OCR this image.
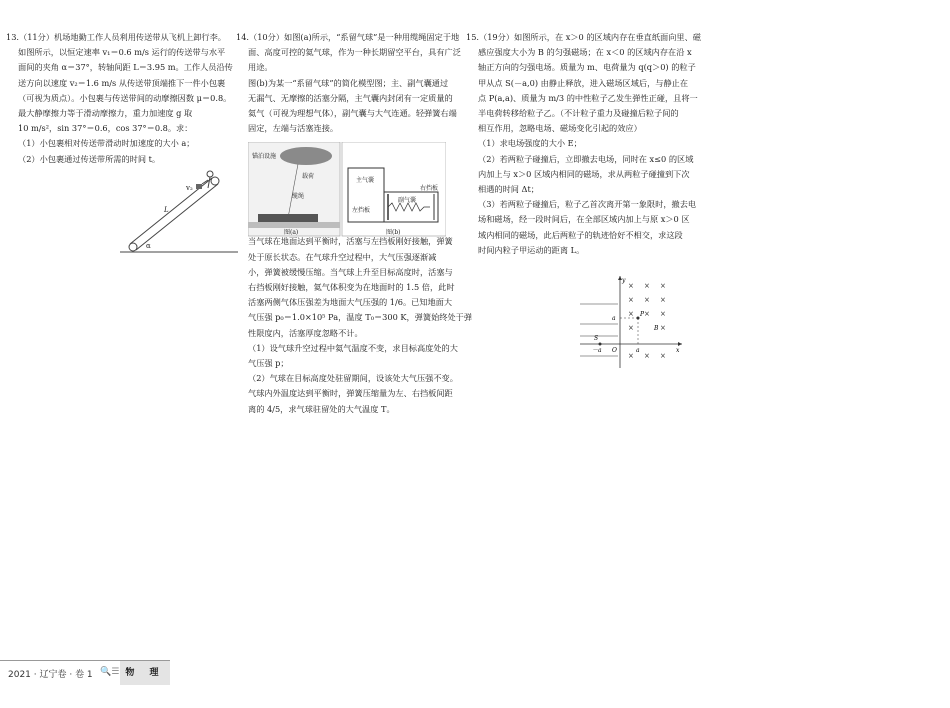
13.（11分）机场地勤工作人员利用传送带从飞机上卸行李。

如图所示，以恒定速率 v₁＝0.6 m/s 运行的传送带与水平

面间的夹角 α＝37°，转轴间距 L＝3.95 m。工作人员沿传

送方向以速度 v₂＝1.6 m/s 从传送带顶端推下一件小包裹

（可视为质点）。小包裹与传送带间的动摩擦因数 μ＝0.8。

最大静摩擦力等于滑动摩擦力，重力加速度 g 取

10 m/s²，sin 37°＝0.6，cos 37°＝0.8。求：

（1）小包裹相对传送带滑动时加速度的大小 a；

（2）小包裹通过传送带所需的时间 t。

v₂
L
α

14.（10分）如图(a)所示，“系留气球”是一种用缆绳固定于地

面、高度可控的氦气球，作为一种长期留空平台，具有广泛

用途。

图(b)为某一“系留气球”的简化模型图；主、副气囊通过

无漏气、无摩擦的活塞分隔，主气囊内封闭有一定质量的

氦气（可视为理想气体），副气囊与大气连通。轻弹簧右端

固定，左端与活塞连接。

当气球在地面达到平衡时，活塞与左挡板刚好接触，弹簧

处于原长状态。在气球升空过程中，大气压强逐渐减

小，弹簧被缓慢压缩。当气球上升至目标高度时，活塞与

右挡板刚好接触，氦气体积变为在地面时的 1.5 倍，此时

活塞两侧气体压强差为地面大气压强的 1/6。已知地面大

气压强 p₀＝1.0×10⁵ Pa，温度 T₀＝300 K，弹簧始终处于弹

性限度内，活塞厚度忽略不计。

（1）设气球升空过程中氦气温度不变，求目标高度处的大

气压强 p；

（2）气球在目标高度处驻留期间，设该处大气压强不变。

气球内外温度达到平衡时，弹簧压缩量为左、右挡板间距

离的 4/5，求气球驻留处的大气温度 T。

锚泊设施
载荷
缆绳
图(a)
主气囊
副气囊
左挡板
右挡板
图(b)

15.（19分）如图所示，在 x＞0 的区域内存在垂直纸面向里、磁

感应强度大小为 B 的匀强磁场；在 x＜0 的区域内存在沿 x

轴正方向的匀强电场。质量为 m、电荷量为 q(q＞0) 的粒子

甲从点 S(－a,0) 由静止释放，进入磁场区域后，与静止在

点 P(a,a)、质量为 m/3 的中性粒子乙发生弹性正碰，且将一

半电荷转移给粒子乙。（不计粒子重力及碰撞后粒子间的

相互作用，忽略电场、磁场变化引起的效应）

（1）求电场强度的大小 E；

（2）若两粒子碰撞后，立即撤去电场，同时在 x≤0 的区域

内加上与 x＞0 区域内相同的磁场，求从两粒子碰撞到下次

相遇的时间 Δt；

（3）若两粒子碰撞后，粒子乙首次离开第一象限时，撤去电

场和磁场，经一段时间后，在全部区域内加上与原 x＞0 区

域内相同的磁场，此后两粒子的轨迹恰好不相交，求这段

时间内粒子甲运动的距离 L。

× × ×
× × ×
× × ×
×	×
× × ×
y
x
O
S
P
B
a
a
－a
2021 · 辽宁卷 · 卷 1 🔍☰ 物 理
